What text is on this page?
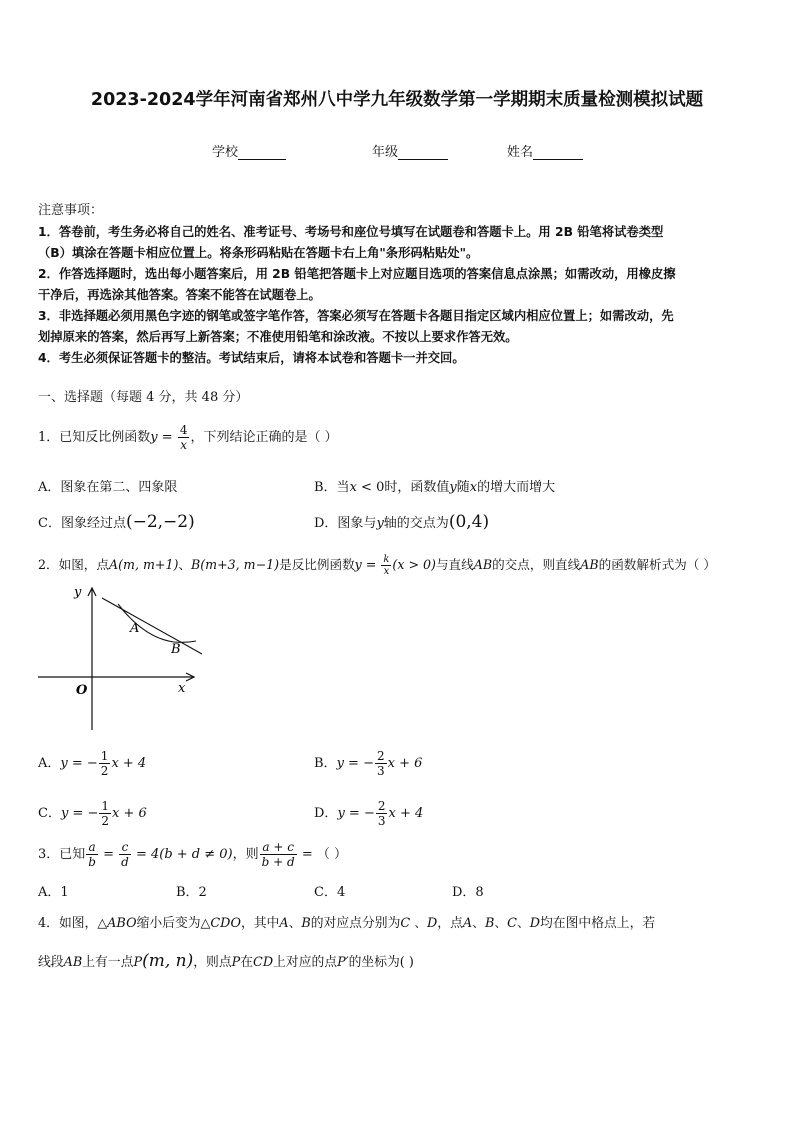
2023-2024学年河南省郑州八中学九年级数学第一学期期末质量检测模拟试题
学校	年级	姓名
注意事项：
1．答卷前，考生务必将自己的姓名、准考证号、考场号和座位号填写在试题卷和答题卡上。用 2B 铅笔将试卷类型
（B）填涂在答题卡相应位置上。将条形码粘贴在答题卡右上角"条形码粘贴处"。
2．作答选择题时，选出每小题答案后，用 2B 铅笔把答题卡上对应题目选项的答案信息点涂黑；如需改动，用橡皮擦
干净后，再选涂其他答案。答案不能答在试题卷上。
3．非选择题必须用黑色字迹的钢笔或签字笔作答，答案必须写在答题卡各题目指定区域内相应位置上；如需改动，先
划掉原来的答案，然后再写上新答案；不准使用铅笔和涂改液。不按以上要求作答无效。
4．考生必须保证答题卡的整洁。考试结束后，请将本试卷和答题卡一并交回。
一、选择题（每题 4 分，共 48 分）
1．已知反比例函数$y = \frac{4}{x}$ ，下列结论正确的是（ ）
A．图象在第二、四象限	B．当x < 0时，函数值y随x的增大而增大
C．图象经过点(−2,−2)	D．图象与y轴的交点为(0,4)
2．如图，点A(m, m+1)、B(m+3, m−1)是反比例函数$y = \frac{k}{x} (x > 0)$与直线AB的交点，则直线AB的函数解析式为（ ）
y
x
O
A
B
A．y = − $\frac{1}{2}$ x + 4	B．y = − $\frac{2}{3}$ x + 6
C．y = − $\frac{1}{2}$ x + 6	D．y = − $\frac{2}{3}$ x + 4
3．已知 $\frac{a}{b} = \frac{c}{d} = 4(b + d \ne 0)$，则 $\frac{a + c}{b + d}$ = （ ）
A．1	B．2	C．4	D．8
4．如图，△ABO缩小后变为△CDO，其中A、B的对应点分别为C 、D，点A、B、C、D均在图中格点上，若
线段AB上有一点P(m, n)，则点P在CD上对应的点P′的坐标为( )
